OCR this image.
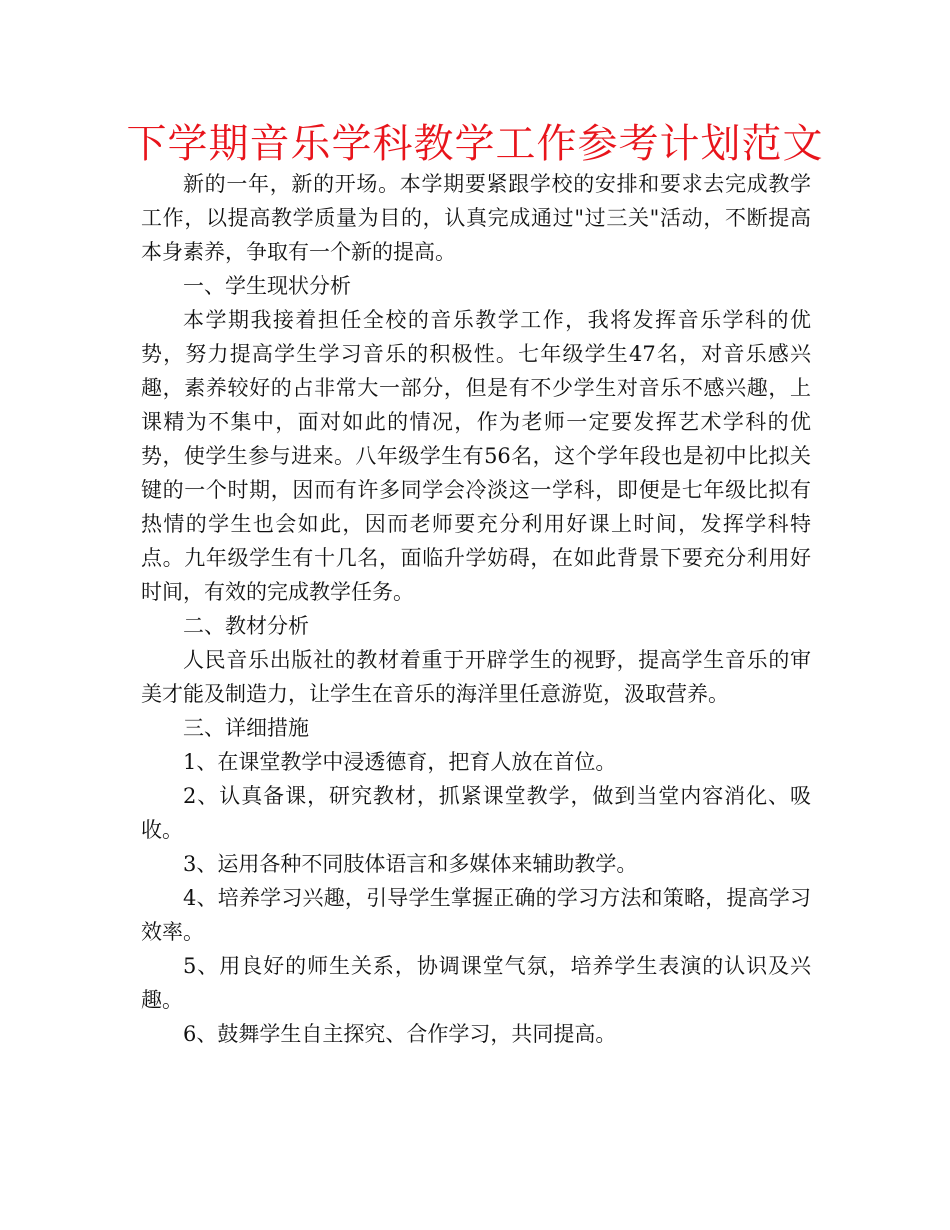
下学期音乐学科教学工作参考计划范文

新的一年，新的开场。本学期要紧跟学校的安排和要求去完成教学工作，以提高教学质量为目的，认真完成通过"过三关"活动，不断提高本身素养，争取有一个新的提高。

一、学生现状分析

本学期我接着担任全校的音乐教学工作，我将发挥音乐学科的优势，努力提高学生学习音乐的积极性。七年级学生47名，对音乐感兴趣，素养较好的占非常大一部分，但是有不少学生对音乐不感兴趣，上课精为不集中，面对如此的情况，作为老师一定要发挥艺术学科的优势，使学生参与进来。八年级学生有56名，这个学年段也是初中比拟关键的一个时期，因而有许多同学会冷淡这一学科，即便是七年级比拟有热情的学生也会如此，因而老师要充分利用好课上时间，发挥学科特点。九年级学生有十几名，面临升学妨碍，在如此背景下要充分利用好时间，有效的完成教学任务。

二、教材分析

人民音乐出版社的教材着重于开辟学生的视野，提高学生音乐的审美才能及制造力，让学生在音乐的海洋里任意游览，汲取营养。

三、详细措施

1、在课堂教学中浸透德育，把育人放在首位。

2、认真备课，研究教材，抓紧课堂教学，做到当堂内容消化、吸收。

3、运用各种不同肢体语言和多媒体来辅助教学。

4、培养学习兴趣，引导学生掌握正确的学习方法和策略，提高学习效率。

5、用良好的师生关系，协调课堂气氛，培养学生表演的认识及兴趣。

6、鼓舞学生自主探究、合作学习，共同提高。
